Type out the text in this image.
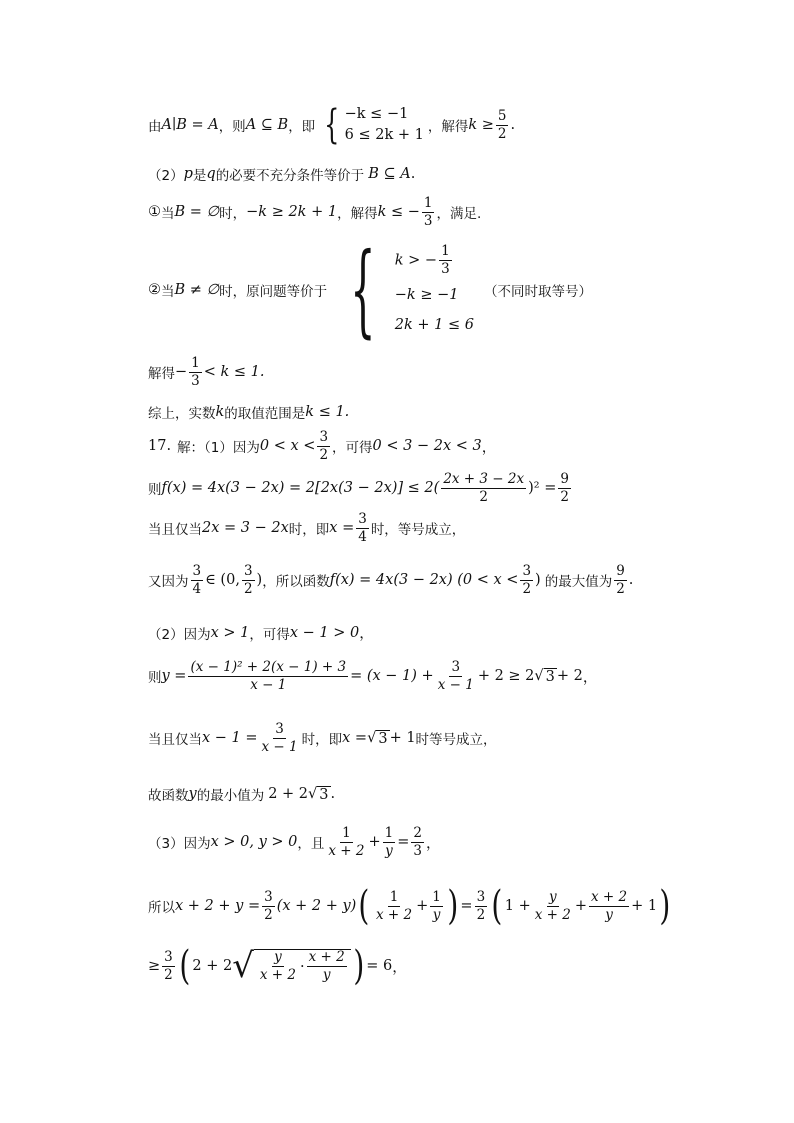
由 A∣B = A ，则 A ⊆ B ，即 { −k ≤ −1
6 ≤ 2k + 1 ，解得 $k \ge \frac{5}{2}$ .
（2） p 是 q 的必要不充分条件等价于 B ⊆ A .
① 当 B = ∅ 时， −k ≥ 2k + 1 ，解得 k ≤ − $\frac{1}{3}$ ，满足.
② 当 B ≠ ∅ 时，原问题等价于 { k > − $\frac{1}{3}$
−k ≥ −1
2k + 1 ≤ 6
（不同时取等号）
解得 − $\frac{1}{3} < k \le 1$.
综上，实数 k 的取值范围是 k ≤ 1.
17. 解：（1）因为 $0 < x < \frac{3}{2}$ ，可得 0 < 3 − 2x < 3 ，
则 $f(x) = 4x(3 - 2x) = 2[2x(3 - 2x)] \le 2( \frac{2x + 3 - 2x}{2} )^2 = \frac{9}{2}$
当且仅当 2x = 3 − 2x 时，即 $x = \frac{3}{4}$ 时，等号成立，
又因为 $\frac{3}{4}$ ∈ (0, $\frac{3}{2}$ ) ，所以函数 f(x) = 4x(3 − 2x) ($0 < x < \frac{3}{2}$ ) 的最大值为 $\frac{9}{2}$ .
（2） 因为 x > 1 ，可得 x − 1 > 0 ，
则 $y = \frac{\text{(x − 1)² + 2(x − 1) + 3}}{x - 1} = (x - 1) + \frac{3}{x - 1} + 2 \ge 2$ √ 3 + 2 ，
当且仅当 $x - 1 = \frac{3}{x - 1}$ 时，即 x = √ 3 + 1 时等号成立，
故函数 y 的最小值为 2 + 2 √ 3 .
（3） 因为 x > 0, y > 0 ，且 $\frac{1}{x + 2} + \frac{1}{y} = \frac{2}{3}$ ，
所以 $x + 2 + y = \frac{3}{2} (x + 2 + y)$ ( $\frac{1}{x + 2} + \frac{1}{y}$ ) = $\frac{3}{2}$ ( $1 + \frac{y}{x + 2} + \frac{x + 2}{y} + 1$ )
≥ $\frac{3}{2}$ ( 2 + 2 √ $\frac{y}{x + 2} \cdot \frac{x + 2}{y}$ ) = 6 ，
